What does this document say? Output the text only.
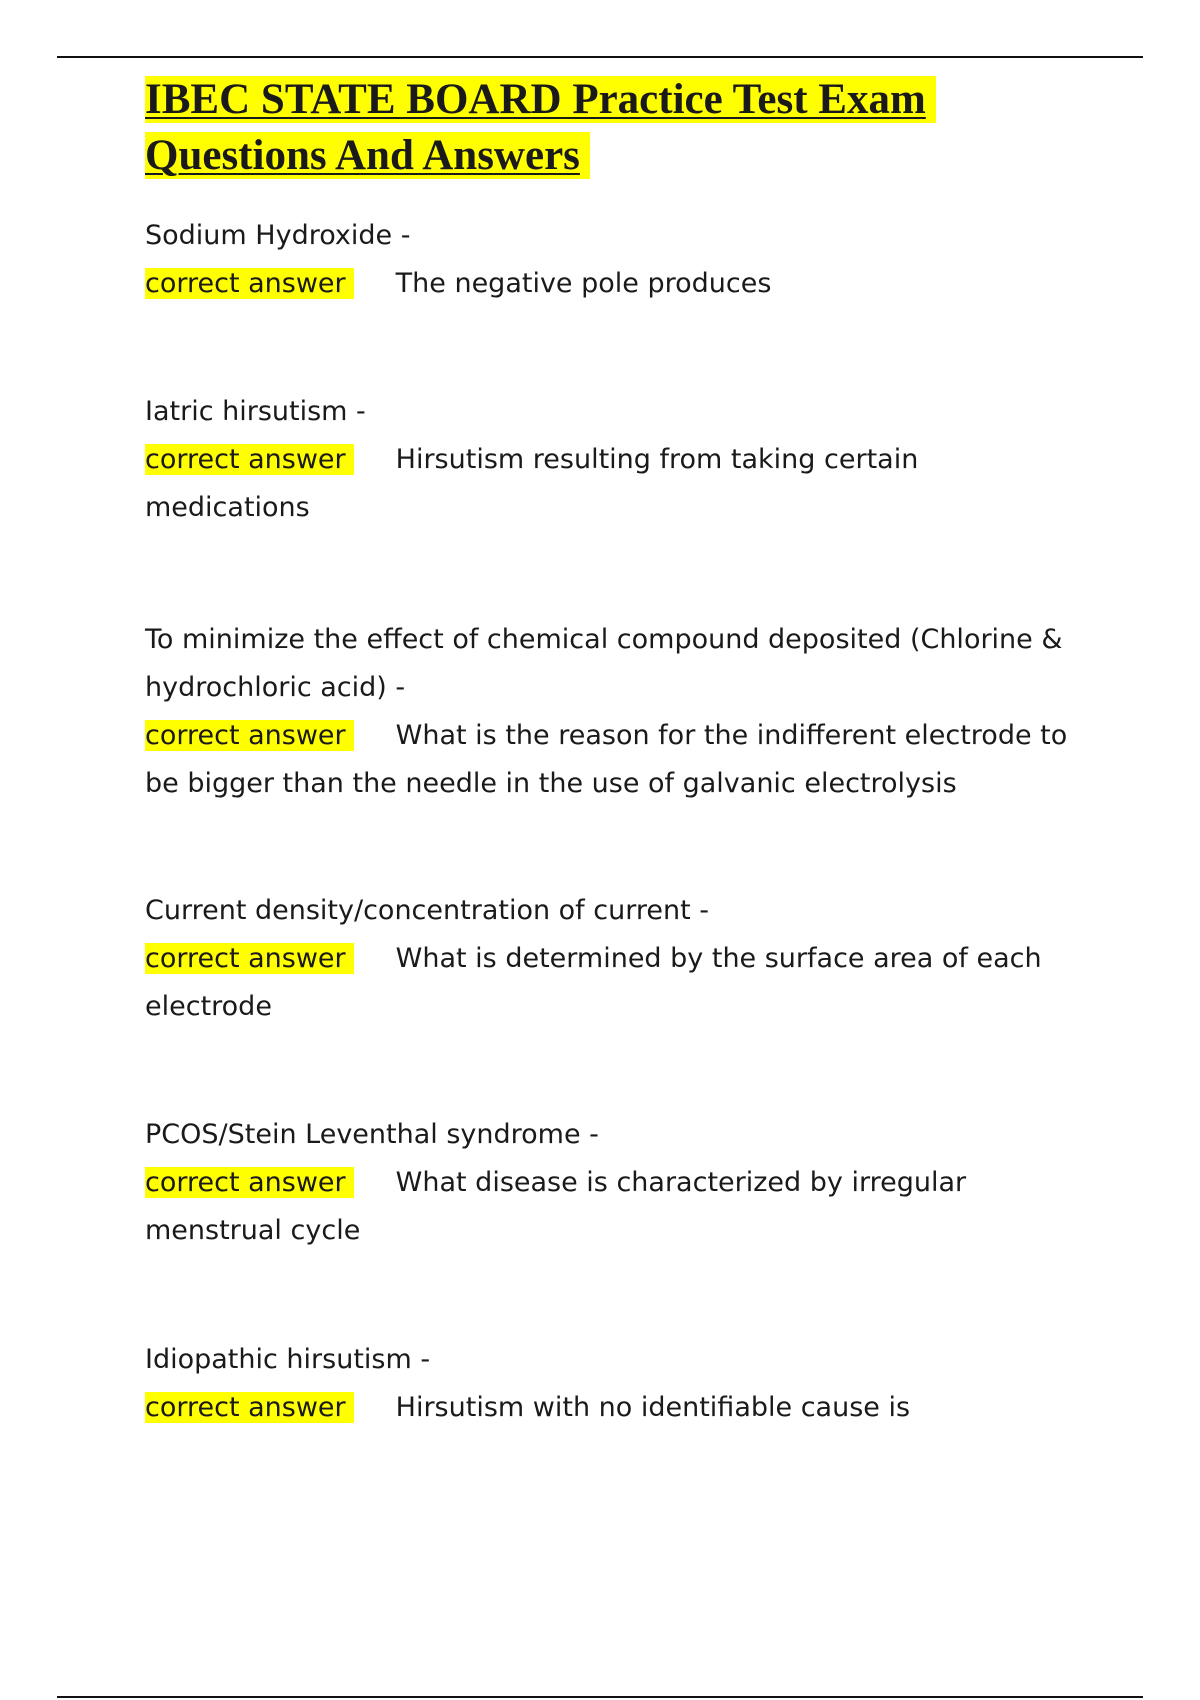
IBEC STATE BOARD Practice Test Exam Questions And Answers
Sodium Hydroxide -
correct answer The negative pole produces
Iatric hirsutism -
correct answer Hirsutism resulting from taking certain medications
To minimize the effect of chemical compound deposited (Chlorine & hydrochloric acid) -
correct answer What is the reason for the indifferent electrode to be bigger than the needle in the use of galvanic electrolysis
Current density/concentration of current -
correct answer What is determined by the surface area of each electrode
PCOS/Stein Leventhal syndrome -
correct answer What disease is characterized by irregular menstrual cycle
Idiopathic hirsutism -
correct answer Hirsutism with no identifiable cause is
